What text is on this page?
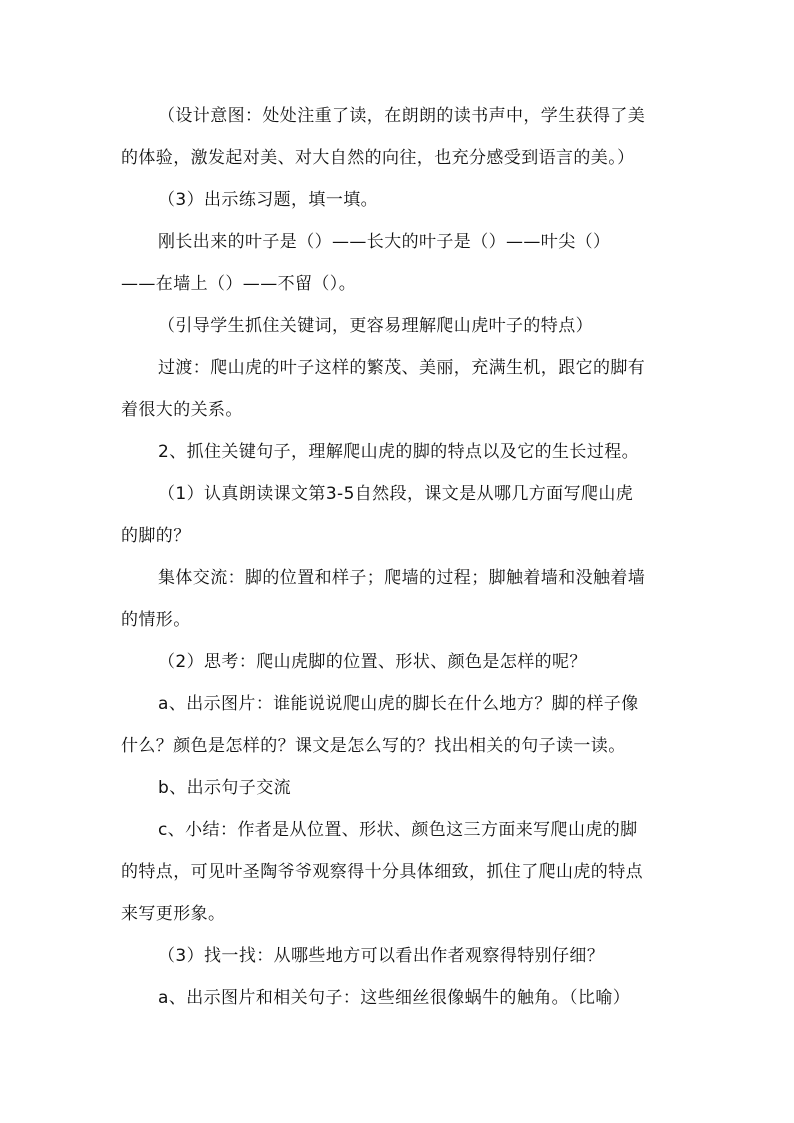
（设计意图：处处注重了读，在朗朗的读书声中，学生获得了美
的体验，激发起对美、对大自然的向往，也充分感受到语言的美。）
（3）出示练习题，填一填。
刚长出来的叶子是（）——长大的叶子是（）——叶尖（）
——在墙上（）——不留（）。
（引导学生抓住关键词，更容易理解爬山虎叶子的特点）
过渡：爬山虎的叶子这样的繁茂、美丽，充满生机，跟它的脚有
着很大的关系。
2、抓住关键句子，理解爬山虎的脚的特点以及它的生长过程。
（1）认真朗读课文第3-5自然段，课文是从哪几方面写爬山虎
的脚的？
集体交流：脚的位置和样子；爬墙的过程；脚触着墙和没触着墙
的情形。
（2）思考：爬山虎脚的位置、形状、颜色是怎样的呢？
a、出示图片：谁能说说爬山虎的脚长在什么地方？脚的样子像
什么？颜色是怎样的？课文是怎么写的？找出相关的句子读一读。
b、出示句子交流
c、小结：作者是从位置、形状、颜色这三方面来写爬山虎的脚
的特点，可见叶圣陶爷爷观察得十分具体细致，抓住了爬山虎的特点
来写更形象。
（3）找一找：从哪些地方可以看出作者观察得特别仔细？
a、出示图片和相关句子：这些细丝很像蜗牛的触角。（比喻）
